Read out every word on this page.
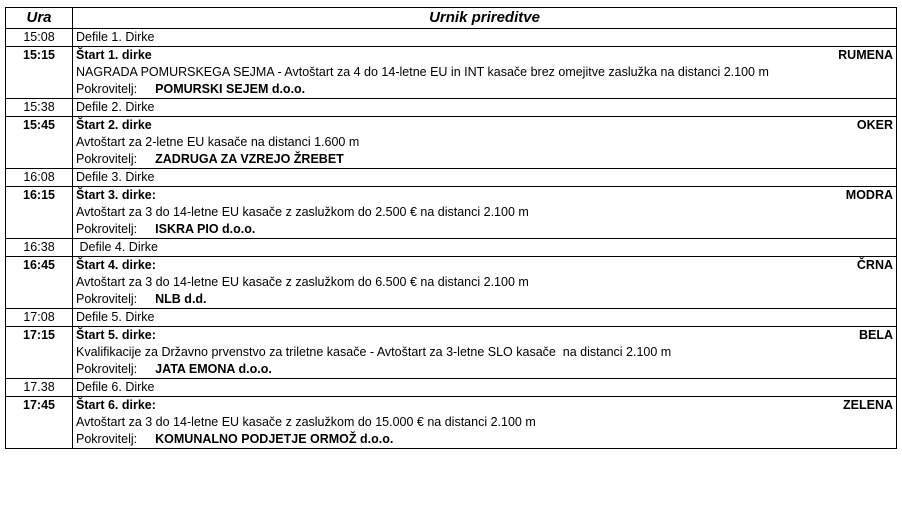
Ura	Urnik prireditve
15:08	Defile 1. Dirke
15:15	Štart 1. dirke RUMENA
NAGRADA POMURSKEGA SEJMA - Avtoštart za 4 do 14-letne EU in INT kasače brez omejitve zaslužka na distanci 2.100 m
Pokrovitelj: POMURSKI SEJEM d.o.o.

15:38	Defile 2. Dirke
15:45	Štart 2. dirke OKER
Avtoštart za 2-letne EU kasače na distanci 1.600 m
Pokrovitelj: ZADRUGA ZA VZREJO ŽREBET

16:08	Defile 3. Dirke
16:15	Štart 3. dirke: MODRA
Avtoštart za 3 do 14-letne EU kasače z zaslužkom do 2.500 € na distanci 2.100 m
Pokrovitelj: ISKRA PIO d.o.o.

16:38	Defile 4. Dirke
16:45	Štart 4. dirke: ČRNA
Avtoštart za 3 do 14-letne EU kasače z zaslužkom do 6.500 € na distanci 2.100 m
Pokrovitelj: NLB d.d.

17:08	Defile 5. Dirke
17:15	Štart 5. dirke: BELA
Kvalifikacije za Državno prvenstvo za triletne kasače - Avtoštart za 3-letne SLO kasače  na distanci 2.100 m
Pokrovitelj: JATA EMONA d.o.o.

17.38	Defile 6. Dirke
17:45	Štart 6. dirke: ZELENA
Avtoštart za 3 do 14-letne EU kasače z zaslužkom do 15.000 € na distanci 2.100 m
Pokrovitelj: KOMUNALNO PODJETJE ORMOŽ d.o.o.
